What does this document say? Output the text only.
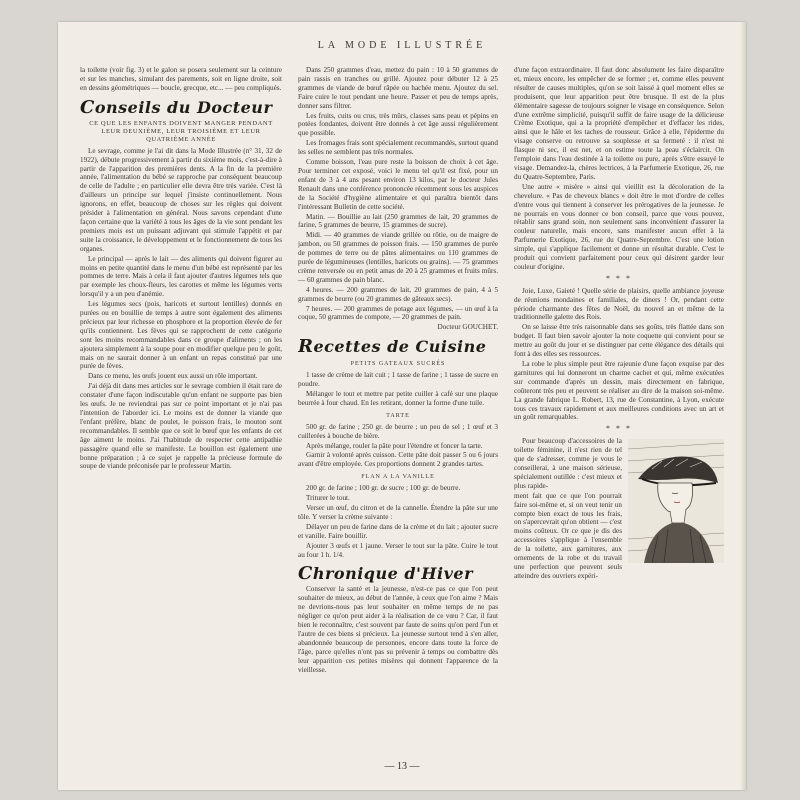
LA MODE ILLUSTRÉE

la toilette (voir fig. 3) et le galon se posera seulement sur la ceinture et sur les manches, simulant des parements, soit en ligne droite, soit en dessins géométriques — boucle, grecque, etc... — peu compliqués.

Conseils du Docteur
CE QUE LES ENFANTS DOIVENT MANGER PENDANT LEUR DEUXIÈME, LEUR TROISIÈME ET LEUR QUATRIÈME ANNÉE

Le sevrage, comme je l'ai dit dans la Mode Illustrée (n° 31, 32 de 1922), débute progressivement à partir du sixième mois, c'est-à-dire à partir de l'apparition des premières dents. A la fin de la première année, l'alimentation du bébé se rapproche par conséquent beaucoup de celle de l'adulte ; en particulier elle devra être très variée. C'est là d'ailleurs un principe sur lequel j'insiste continuellement. Nous ignorons, en effet, beaucoup de choses sur les règles qui doivent présider à l'alimentation en général. Nous savons cependant d'une façon certaine que la variété à tous les âges de la vie sont pendant les premiers mois est un puissant adjuvant qui stimule l'appétit et par suite la croissance, le développement et le fonctionnement de tous les organes.

Le principal — après le lait — des aliments qui doivent figurer au moins en petite quantité dans le menu d'un bébé est représenté par les pommes de terre. Mais à cela il faut ajouter d'autres légumes tels que par exemple les choux-fleurs, les carottes et même les légumes verts lorsqu'il y a un peu d'anémie.

Les légumes secs (pois, haricots et surtout lentilles) donnés en purées ou en bouillie de temps à autre sont également des aliments précieux par leur richesse en phosphore et la proportion élevée de fer qu'ils contiennent. Les fèves qui se rapprochent de cette catégorie sont les moins recommandables dans ce groupe d'aliments ; on les ajoutera simplement à la soupe pour en modifier quelque peu le goût, mais on ne saurait donner à un enfant un repas constitué par une purée de fèves.

Dans ce menu, les œufs jouent eux aussi un rôle important.

J'ai déjà dit dans mes articles sur le sevrage combien il était rare de constater d'une façon indiscutable qu'un enfant ne supporte pas bien les œufs. Je ne reviendrai pas sur ce point important et je n'ai pas l'intention de l'aborder ici. Le moins est de donner la viande que l'enfant préfère, blanc de poulet, le poisson frais, le mouton sont recommandables. Il semble que ce soit le bœuf que les enfants de cet âge aiment le moins. J'ai l'habitude de respecter cette antipathie passagère quand elle se manifeste. Le bouillon est également une bonne préparation ; à ce sujet je rappelle la précieuse formule de soupe de viande préconisée par le professeur Martin.

Dans 250 grammes d'eau, mettez du pain : 10 à 50 grammes de pain rassis en tranches ou grillé. Ajoutez pour débuter 12 à 25 grammes de viande de bœuf râpée ou hachée menu. Ajoutez du sel. Faire cuire le tout pendant une heure. Passer et peu de temps après, donner sans filtrer.

Les fruits, cuits ou crus, très mûrs, classes sans peau et pépins en potées fondantes, doivent être donnés à cet âge aussi régulièrement que possible.

Les fromages frais sont spécialement recommandés, surtout quand les selles ne semblent pas très normales.

Comme boisson, l'eau pure reste la boisson de choix à cet âge. Pour terminer cet exposé, voici le menu tel qu'il est fixé, pour un enfant de 3 à 4 ans pesant environ 13 kilos, par le docteur Jules Renault dans une conférence prononcée récemment sous les auspices de la Société d'hygiène alimentaire et qui paraîtra bientôt dans l'intéressant Bulletin de cette société.

Matin. — Bouillie au lait (250 grammes de lait, 20 grammes de farine, 5 grammes de beurre, 15 grammes de sucre).

Midi. — 40 grammes de viande grillée ou rôtie, ou de maigre de jambon, ou 50 grammes de poisson frais. — 150 grammes de purée de pommes de terre ou de pâtes alimentaires ou 110 grammes de purée de légumineuses (lentilles, haricots ou grains). — 75 grammes crème renversée ou en petit amas de 20 à 25 grammes et fruits mûrs. — 60 grammes de pain blanc.

4 heures. — 200 grammes de lait, 20 grammes de pain, 4 à 5 grammes de beurre (ou 20 grammes de gâteaux secs).

7 heures. — 200 grammes de potage aux légumes, — un œuf à la coque, 50 grammes de compote, — 20 grammes de pain.

Docteur GOUCHET.
Recettes de Cuisine
PETITS GATEAUX SUCRÉS

1 tasse de crème de lait cuit ; 1 tasse de farine ; 1 tasse de sucre en poudre.

Mélanger le tout et mettre par petite cuiller à café sur une plaque beurrée à four chaud. En les retirant, donner la forme d'une tuile.

TARTE

500 gr. de farine ; 250 gr. de beurre ; un peu de sel ; 1 œuf et 3 cuillerées à bouche de bière.

Après mélange, rouler la pâte pour l'étendre et foncer la tarte.

Garnir à volonté après cuisson. Cette pâte doit passer 5 ou 6 jours avant d'être employée. Ces proportions donnent 2 grandes tartes.

FLAN A LA VANILLE

200 gr. de farine ; 100 gr. de sucre ; 100 gr. de beurre.

Triturer le tout.

Verser un œuf, du citron et de la cannelle. Étendre la pâte sur une tôle. Y verser la crème suivante :

Délayer un peu de farine dans de la crème et du lait ; ajouter sucre et vanille. Faire bouillir.

Ajouter 3 œufs et 1 jaune. Verser le tout sur la pâte. Cuire le tout au four 1 h. 1/4.

Chronique d'Hiver

Conserver la santé et la jeunesse, n'est-ce pas ce que l'on peut souhaiter de mieux, au début de l'année, à ceux que l'on aime ? Mais ne devrions-nous pas leur souhaiter en même temps de ne pas négliger ce qu'on peut aider à la réalisation de ce vœu ? Car, il faut bien le reconnaître, c'est souvent par faute de soins qu'on perd l'un et l'autre de ces biens si précieux. La jeunesse surtout tend à s'en aller, abandonnée beaucoup de personnes, encore dans toute la force de l'âge, parce qu'elles n'ont pas su prévenir à temps ou combattre dès leur apparition ces petites misères qui donnent l'apparence de la vieillesse.

d'une façon extraordinaire. Il faut donc absolument les faire disparaître et, mieux encore, les empêcher de se former ; et, comme elles peuvent résulter de causes multiples, qu'on se soit laissé à quel moment elles se produisent, que leur apparition peut être brusque. Il est de la plus élémentaire sagesse de toujours soigner le visage en conséquence. Selon d'une extrême simplicité, puisqu'il suffit de faire usage de la délicieuse Crème Exotique, qui a la propriété d'empêcher et d'effacer les rides, ainsi que le hâle et les taches de rousseur. Grâce à elle, l'épiderme du visage conserve ou retrouve sa souplesse et sa fermeté : il n'est ni flasque ni sec, il est net, et on estime toute la peau s'éclaircit. On l'emploie dans l'eau destinée à la toilette ou pure, après s'être essuyé le visage. Demandez-la, chères lectrices, à la Parfumerie Exotique, 26, rue du Quatre-Septembre, Paris.

Une autre « misère » ainsi qui vieillit est la décoloration de la chevelure. « Pas de cheveux blancs » doit être le mot d'ordre de celles d'entre vous qui tiennent à conserver les prérogatives de la jeunesse. Je ne pourrais en vous donner ce bon conseil, parce que vous pouvez, rétablir sans grand soin, non seulement sans inconvénient d'assurer la couleur naturelle, mais encore, sans manifester aucun effet à la Parfumerie Exotique, 26, rue du Quatre-Septembre. C'est une lotion simple, qui s'applique facilement et donne un résultat durable. C'est le produit qui convient parfaitement pour ceux qui désirent garder leur couleur d'origine.

* * *

Joie, Luxe, Gaieté ! Quelle série de plaisirs, quelle ambiance joyeuse de réunions mondaines et familiales, de diners ! Or, pendant cette période charmante des fêtes de Noël, du nouvel an et même de la traditionnelle galette des Rois.

On se laisse être très raisonnable dans ses goûts, très flattée dans son budget. Il faut bien savoir ajouter la note coquette qui convient pour se mettre au goût du jour et se distinguer par cette élégance des détails qui font à des elles ses ressources.

La robe le plus simple peut être rajeunie d'une façon exquise par des garnitures qui lui donneront un charme cachet et qui, même exécutées sur commande d'après un dessin, mais directement en fabrique, coûteront très peu et peuvent se réaliser au dire de la maison soi-même. La grande fabrique L. Robert, 13, rue de Constantine, à Lyon, exécute tous ces travaux rapidement et aux meilleures conditions avec un art et un goût remarquables.

* * *

Pour beaucoup d'accessoires de la toilette féminine, il n'est rien de tel que de s'adresser, comme je vous le conseillerai, à une maison sérieuse, spécialement outillée : c'est mieux et plus rapide-

ment fait que ce que l'on pourrait faire soi-même et, si on veut tenir un compte bien exact de tous les frais, on s'apercevrait qu'on obtient — c'est moins coûteux. Or ce que je dis des accessoires s'applique à l'ensemble de la toilette, aux garnitures, aux ornements de la robe et du travail une perfection que peuvent seuls atteindre des ouvriers expéri-

— 13 —
